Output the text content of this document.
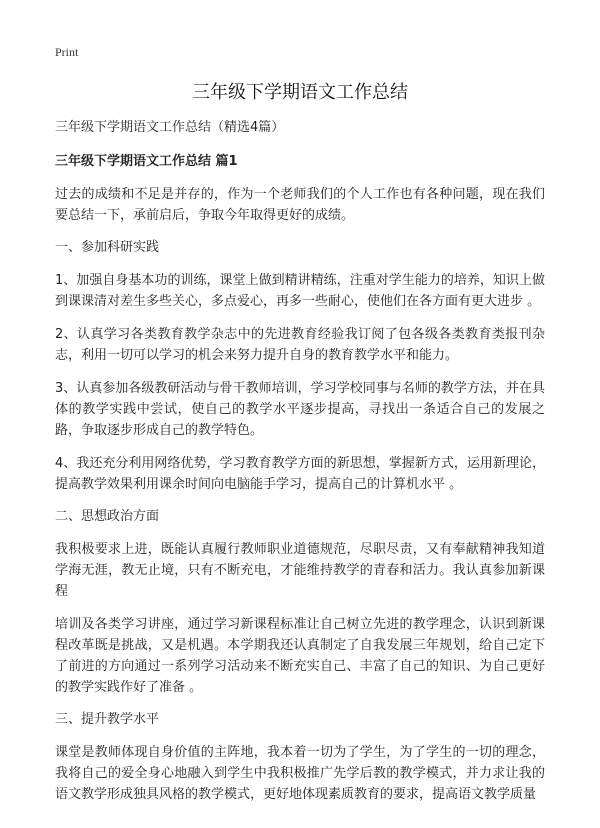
Print
三年级下学期语文工作总结
三年级下学期语文工作总结（精选4篇）
三年级下学期语文工作总结 篇1

过去的成绩和不足是并存的，作为一个老师我们的个人工作也有各种问题，现在我们要总结一下，承前启后，争取今年取得更好的成绩。

一、参加科研实践

1、加强自身基本功的训练，课堂上做到精讲精练，注重对学生能力的培养，知识上做到课课清对差生多些关心，多点爱心，再多一些耐心，使他们在各方面有更大进步 。

2、认真学习各类教育教学杂志中的先进教育经验我订阅了包各级各类教育类报刊杂志，利用一切可以学习的机会来努力提升自身的教育教学水平和能力。

3、认真参加各级教研活动与骨干教师培训，学习学校同事与名师的教学方法，并在具体的教学实践中尝试，使自己的教学水平逐步提高，寻找出一条适合自己的发展之路，争取逐步形成自己的教学特色。

4、我还充分利用网络优势，学习教育教学方面的新思想，掌握新方式，运用新理论，提高教学效果利用课余时间向电脑能手学习，提高自己的计算机水平 。

二、思想政治方面

我积极要求上进，既能认真履行教师职业道德规范，尽职尽责，又有奉献精神我知道学海无涯，教无止境，只有不断充电，才能维持教学的青春和活力。我认真参加新课程

培训及各类学习讲座，通过学习新课程标准让自己树立先进的教学理念，认识到新课程改革既是挑战，又是机遇。本学期我还认真制定了自我发展三年规划，给自己定下了前进的方向通过一系列学习活动来不断充实自己、丰富了自己的知识、为自己更好的教学实践作好了准备 。

三、提升教学水平

课堂是教师体现自身价值的主阵地，我本着一切为了学生，为了学生的一切的理念，我将自己的爱全身心地融入到学生中我积极推广先学后教的教学模式，并力求让我的语文教学形成独具风格的教学模式，更好地体现素质教育的要求，提高语文教学质量
